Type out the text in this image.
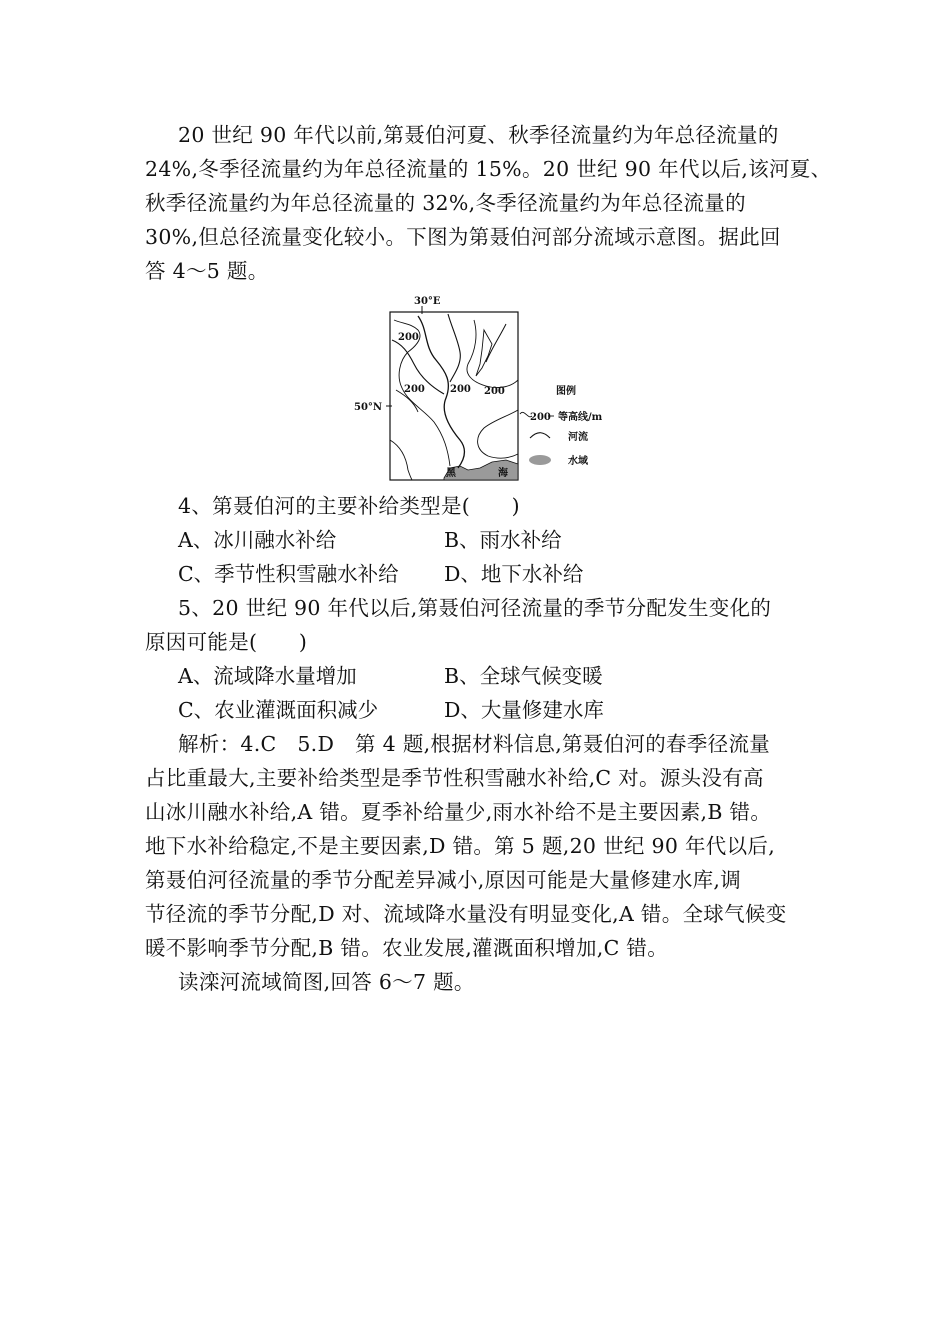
20 世纪 90 年代以前,第聂伯河夏、秋季径流量约为年总径流量的
24%,冬季径流量约为年总径流量的 15%。20 世纪 90 年代以后,该河夏、
秋季径流量约为年总径流量的 32%,冬季径流量约为年总径流量的
30%,但总径流量变化较小。下图为第聂伯河部分流域示意图。据此回
答 4～5 题。
30°E
50°N
200
200	200 200
黑	海
图例
200 等高线/m
河流
水域
4、第聂伯河的主要补给类型是(　　)
A、冰川融水补给	B、雨水补给
C、季节性积雪融水补给 D、地下水补给
5、20 世纪 90 年代以后,第聂伯河径流量的季节分配发生变化的
原因可能是(　　)
A、流域降水量增加	B、全球气候变暖
C、农业灌溉面积减少	D、大量修建水库
解析：4.C　5.D　第 4 题,根据材料信息,第聂伯河的春季径流量
占比重最大,主要补给类型是季节性积雪融水补给,C 对。源头没有高
山冰川融水补给,A 错。夏季补给量少,雨水补给不是主要因素,B 错。
地下水补给稳定,不是主要因素,D 错。第 5 题,20 世纪 90 年代以后,
第聂伯河径流量的季节分配差异减小,原因可能是大量修建水库,调
节径流的季节分配,D 对、流域降水量没有明显变化,A 错。全球气候变
暖不影响季节分配,B 错。农业发展,灌溉面积增加,C 错。
读滦河流域简图,回答 6～7 题。
